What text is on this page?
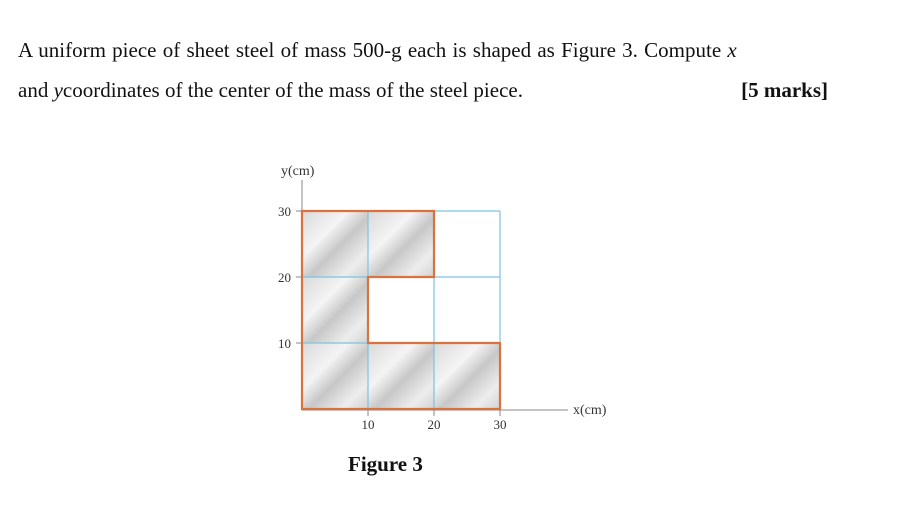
A uniform piece of sheet steel of mass 500-g each is shaped as Figure 3. Compute x
and ycoordinates of the center of the mass of the steel piece.	[5 marks]
y(cm)
x(cm)
30
20
10
10	20	30
Figure 3
